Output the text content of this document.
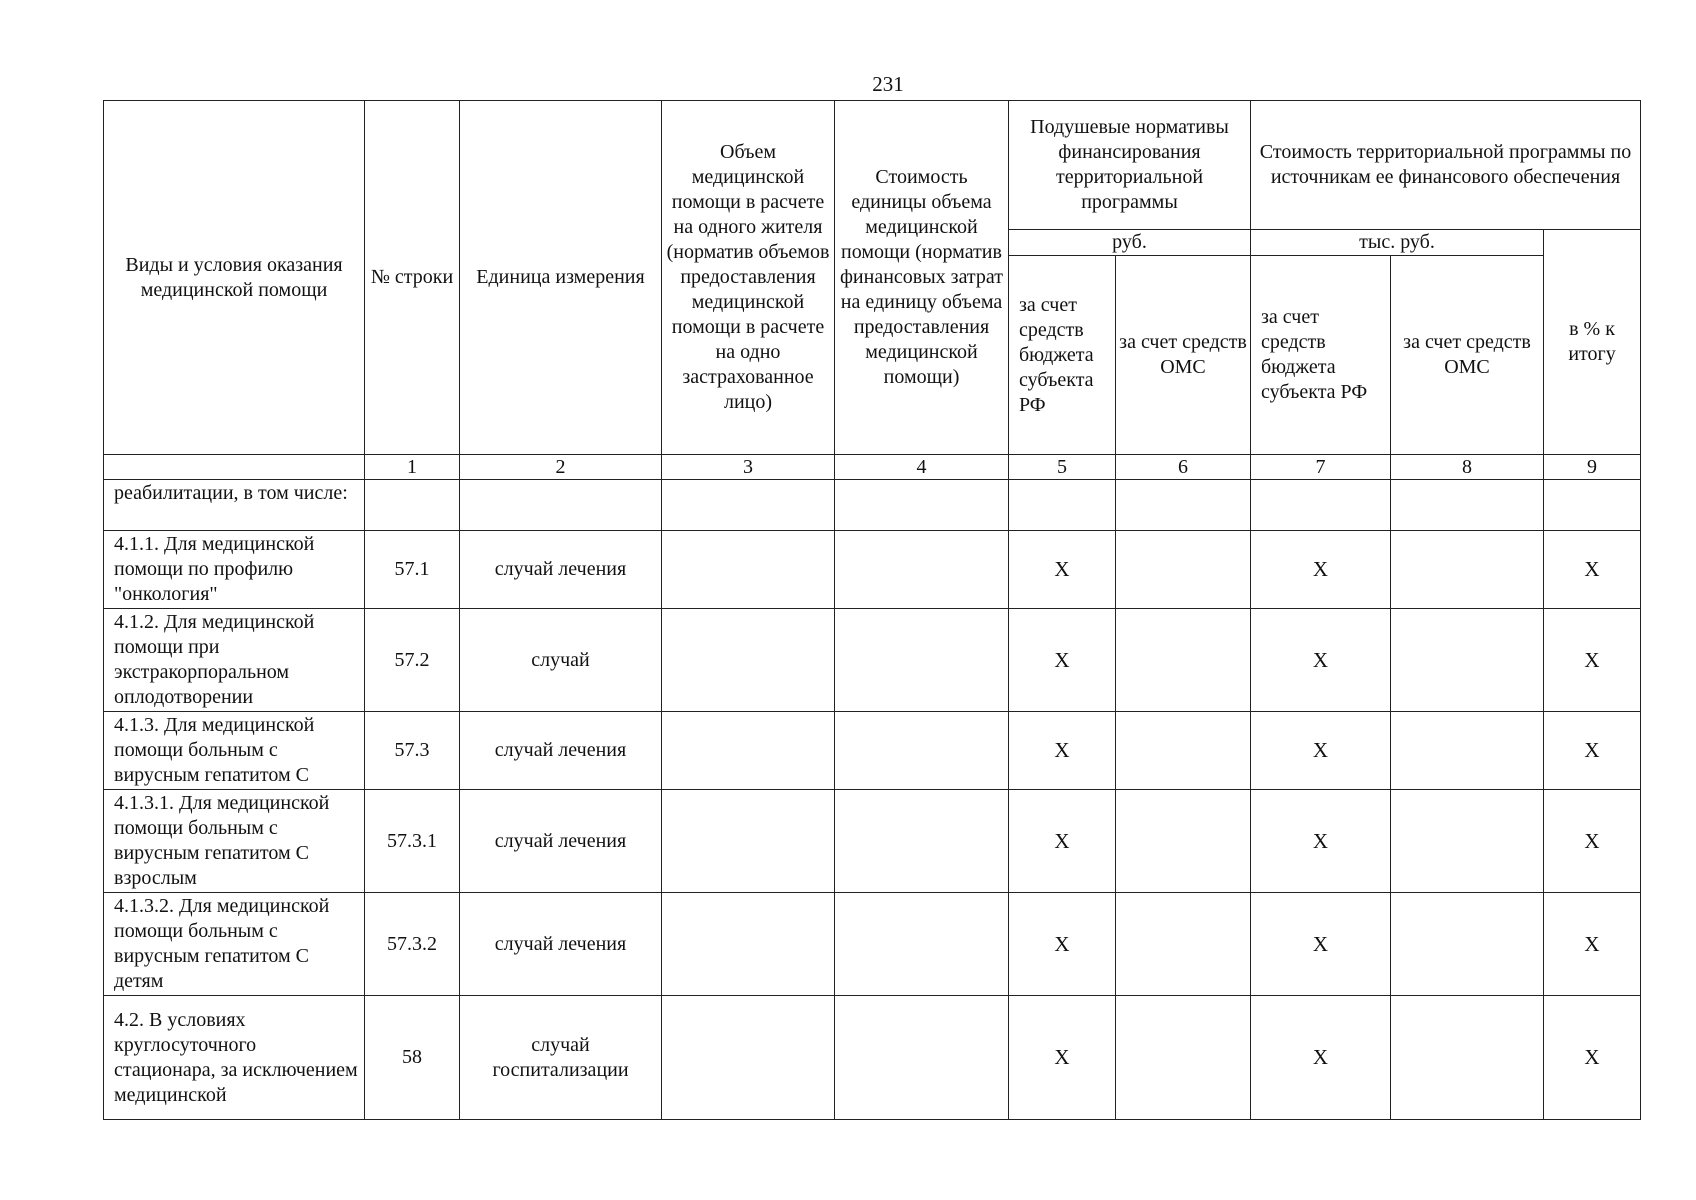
231
Виды и условия оказания медицинской помощи	№ строки	Единица измерения	Объем медицинской помощи в расчете на одного жителя (норматив объемов предоставления медицинской помощи в расчете на одно застрахованное лицо)	Стоимость единицы объема медицинской помощи (норматив финансовых затрат на единицу объема предоставления медицинской помощи)	Подушевые нормативы финансирования территориальной программы		Стоимость территориальной программы по источникам ее финансового обеспечения		
					руб.		тыс. руб.		в % к итогу
					за счет средств бюджета субъекта РФ	за счет средств ОМС	за счет средств бюджета субъекта РФ	за счет средств ОМС	
	1	2	3	4	5	6	7	8	9
реабилитации, в том числе:									
4.1.1. Для медицинской помощи по профилю "онкология"	57.1	случай лечения			X		X		X
4.1.2. Для медицинской помощи при экстракорпоральном оплодотворении	57.2	случай			X		X		X
4.1.3. Для медицинской помощи больным с вирусным гепатитом С	57.3	случай лечения			X		X		X
4.1.3.1. Для медицинской помощи больным с вирусным гепатитом С взрослым	57.3.1	случай лечения			X		X		X
4.1.3.2. Для медицинской помощи больным с вирусным гепатитом С детям	57.3.2	случай лечения			X		X		X
4.2. В условиях круглосуточного стационара, за исключением медицинской	58	случай госпитализации			X		X		X
